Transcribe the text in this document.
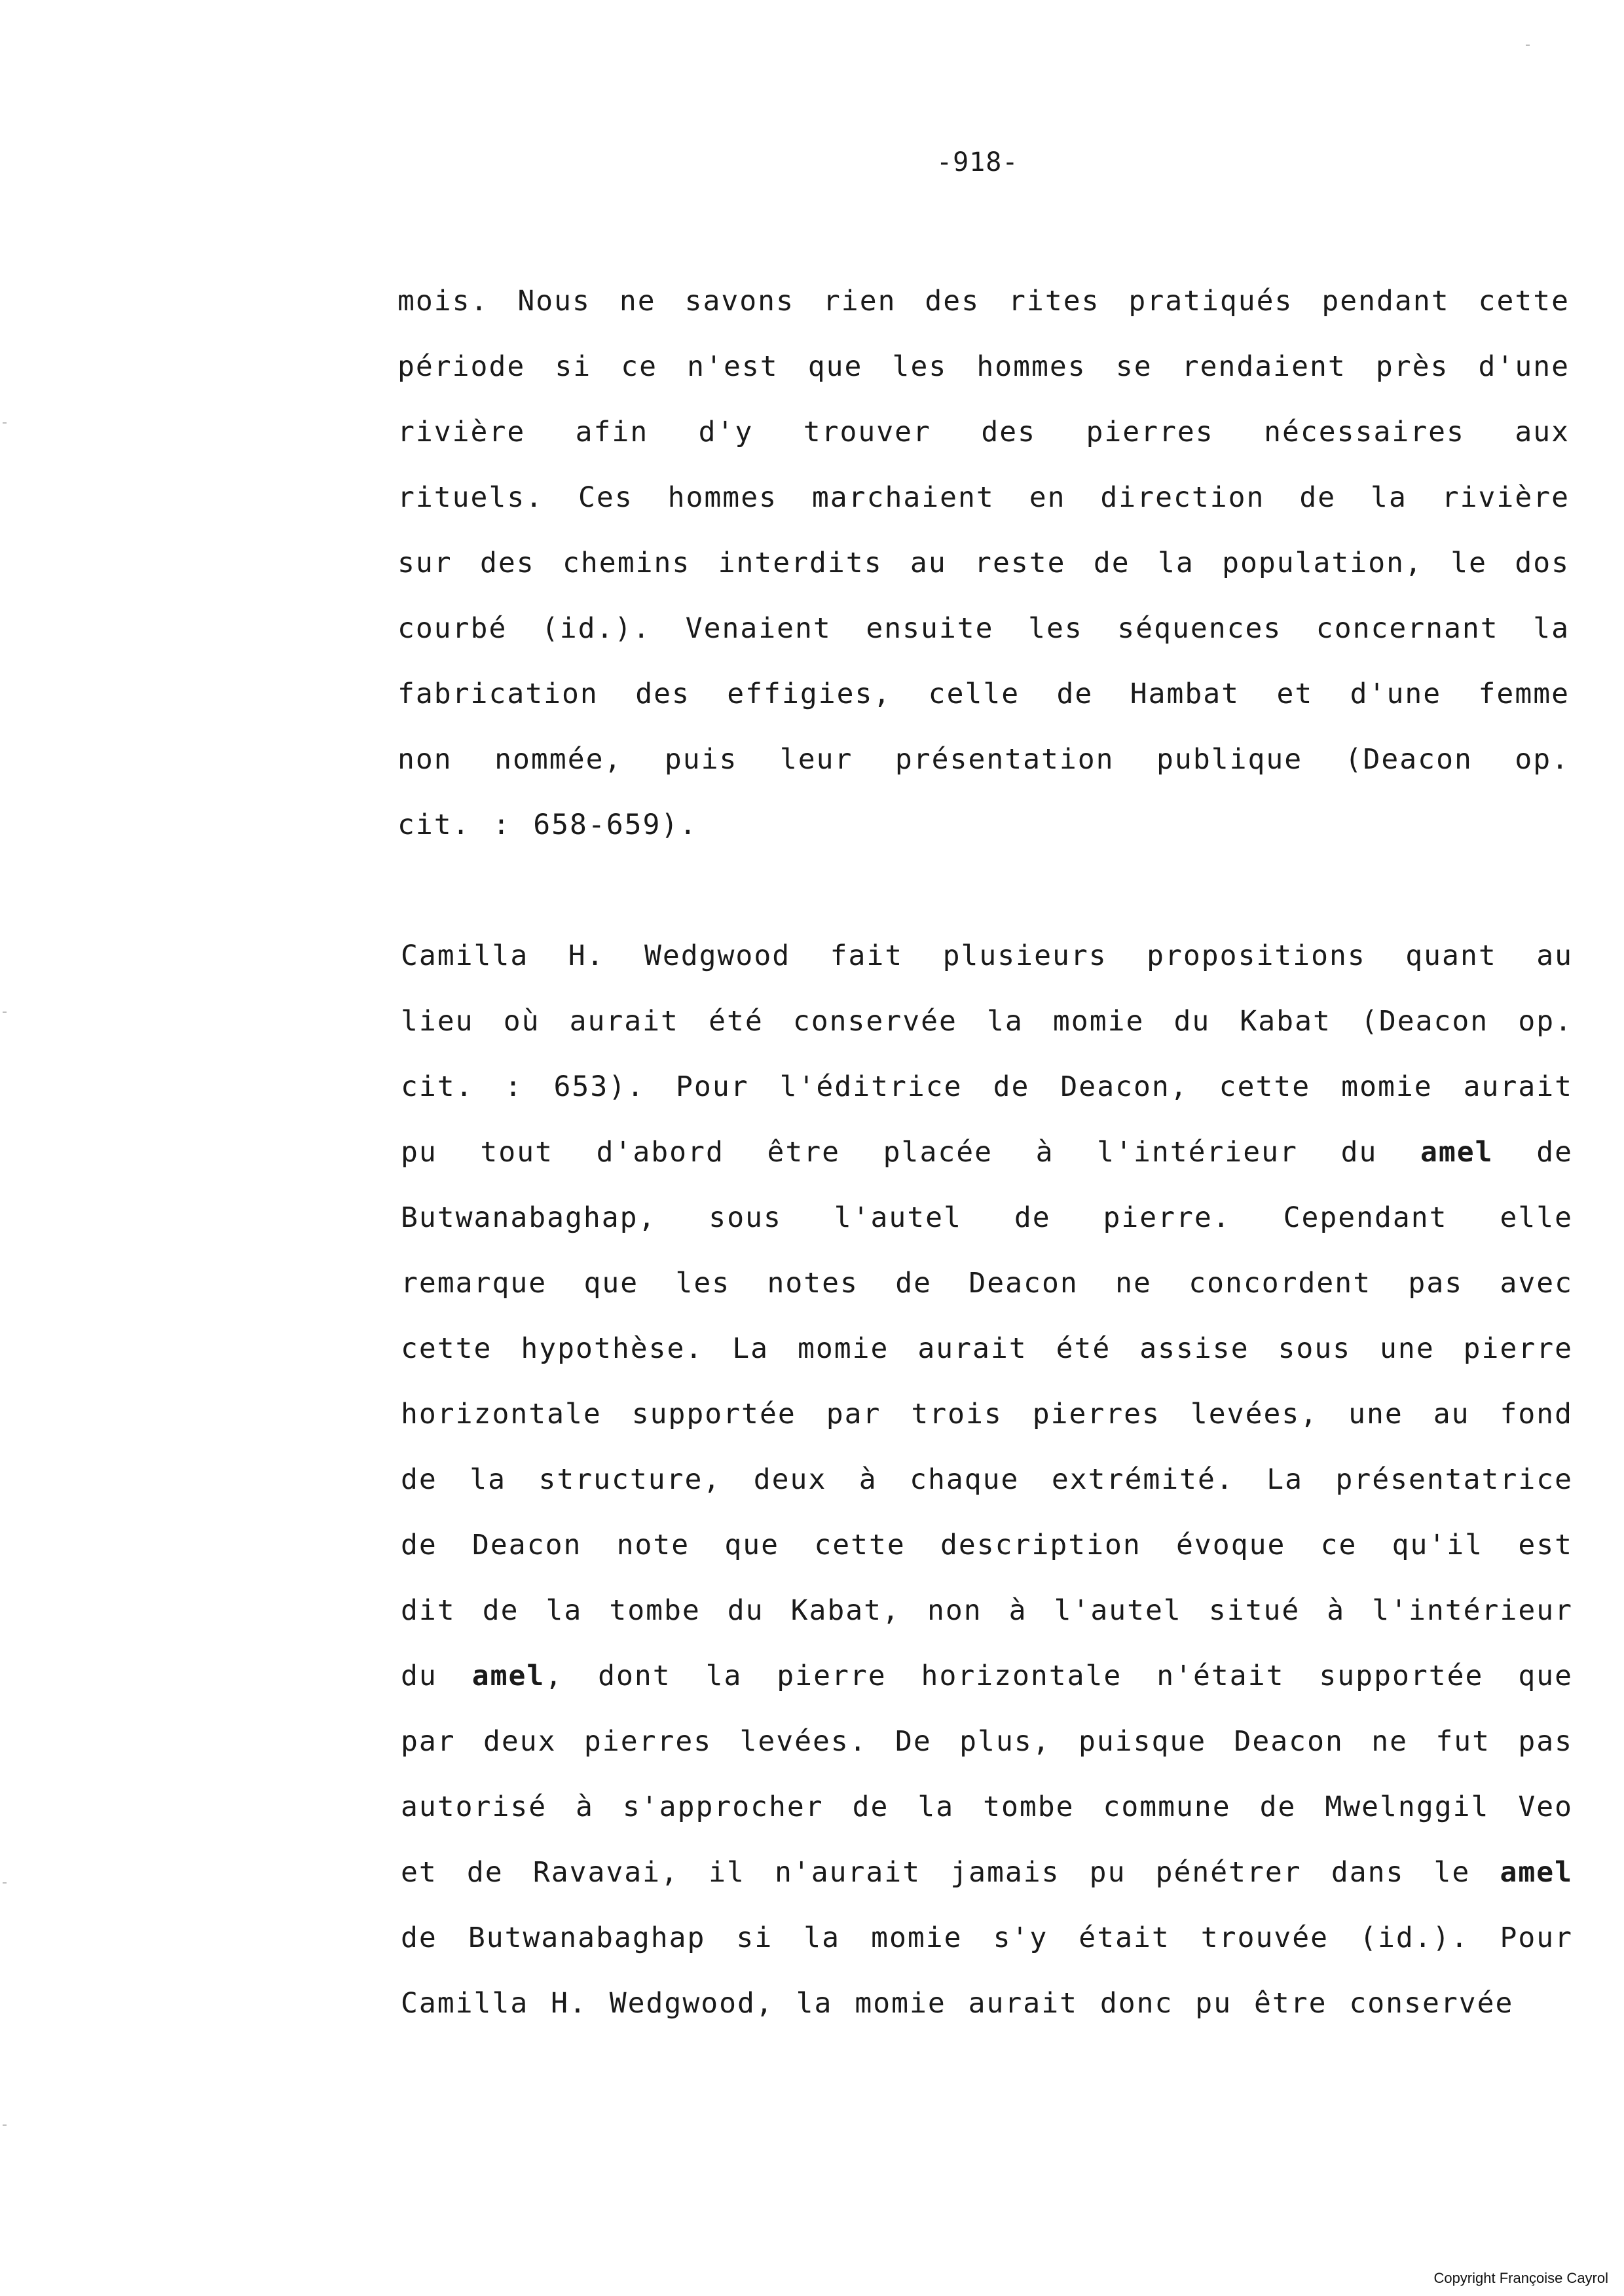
-918-
mois. Nous ne savons rien des rites pratiqués pendant cette
période si ce n'est que les hommes se rendaient près d'une
rivière afin d'y trouver des pierres nécessaires aux
rituels. Ces hommes marchaient en direction de la rivière
sur des chemins interdits au reste de la population, le dos
courbé (id.). Venaient ensuite les séquences concernant la
fabrication des effigies, celle de Hambat et d'une femme
non nommée, puis leur présentation publique (Deacon op.
cit. : 658-659).
Camilla H. Wedgwood fait plusieurs propositions quant au
lieu où aurait été conservée la momie du Kabat (Deacon op.
cit. : 653). Pour l'éditrice de Deacon, cette momie aurait
pu tout d'abord être placée à l'intérieur du amel de
Butwanabaghap, sous l'autel de pierre. Cependant elle
remarque que les notes de Deacon ne concordent pas avec
cette hypothèse. La momie aurait été assise sous une pierre
horizontale supportée par trois pierres levées, une au fond
de la structure, deux à chaque extrémité. La présentatrice
de Deacon note que cette description évoque ce qu'il est
dit de la tombe du Kabat, non à l'autel situé à l'intérieur
du amel, dont la pierre horizontale n'était supportée que
par deux pierres levées. De plus, puisque Deacon ne fut pas
autorisé à s'approcher de la tombe commune de Mwelnggil Veo
et de Ravavai, il n'aurait jamais pu pénétrer dans le amel
de Butwanabaghap si la momie s'y était trouvée (id.). Pour
Camilla H. Wedgwood, la momie aurait donc pu être conservée
Copyright Françoise Cayrol
